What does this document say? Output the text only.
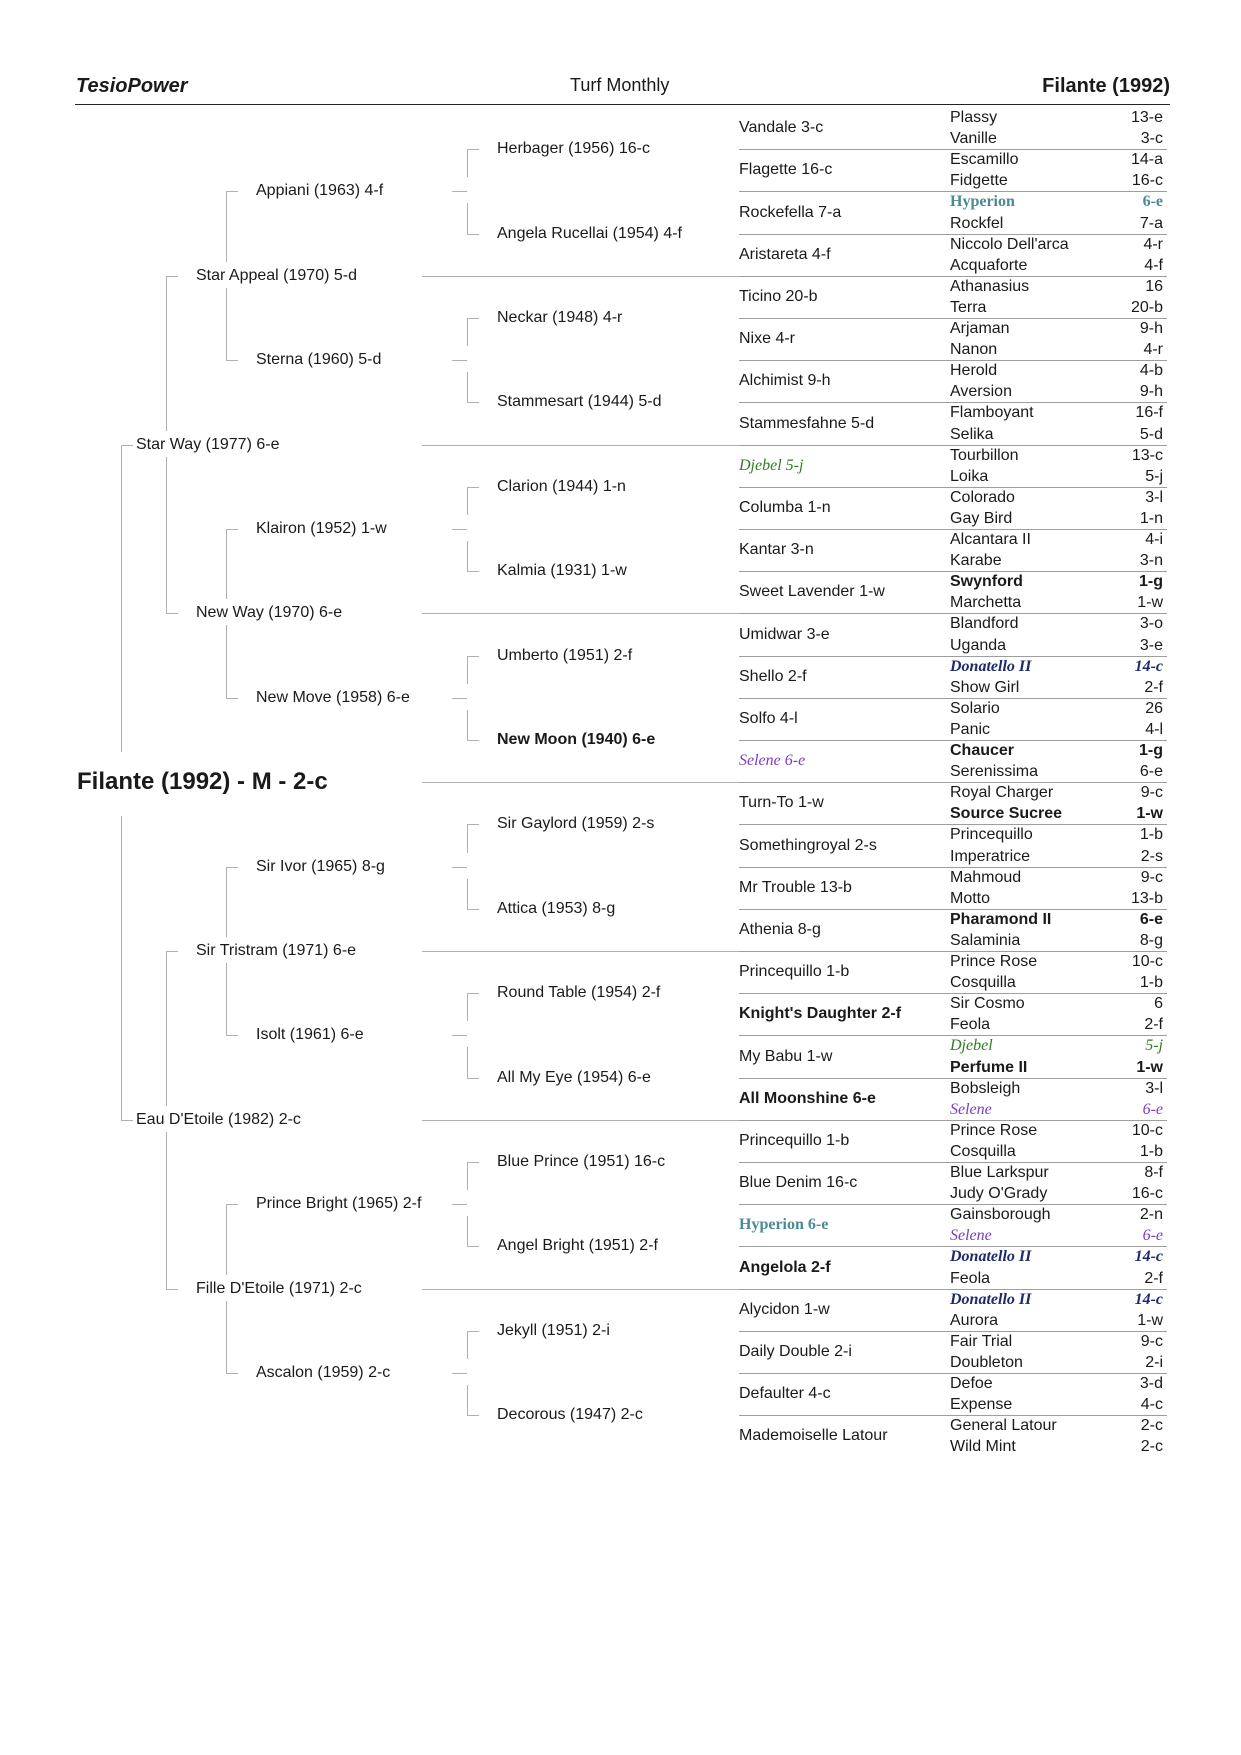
TesioPower	Turf Monthly	Filante (1992)
Filante (1992) - M - 2-c
Star Way (1977) 6-e
Eau D'Etoile (1982) 2-c
Star Appeal (1970) 5-d
New Way (1970) 6-e
Sir Tristram (1971) 6-e
Fille D'Etoile (1971) 2-c
Appiani (1963) 4-f
Sterna (1960) 5-d
Klairon (1952) 1-w
New Move (1958) 6-e
Sir Ivor (1965) 8-g
Isolt (1961) 6-e
Prince Bright (1965) 2-f
Ascalon (1959) 2-c
Herbager (1956) 16-c
Angela Rucellai (1954) 4-f
Neckar (1948) 4-r
Stammesart (1944) 5-d
Clarion (1944) 1-n
Kalmia (1931) 1-w
Umberto (1951) 2-f
New Moon (1940) 6-e
Sir Gaylord (1959) 2-s
Attica (1953) 8-g
Round Table (1954) 2-f
All My Eye (1954) 6-e
Blue Prince (1951) 16-c
Angel Bright (1951) 2-f
Jekyll (1951) 2-i
Decorous (1947) 2-c
Vandale 3-c
Flagette 16-c
Rockefella 7-a
Aristareta 4-f
Ticino 20-b
Nixe 4-r
Alchimist 9-h
Stammesfahne 5-d
Djebel 5-j
Columba 1-n
Kantar 3-n
Sweet Lavender 1-w
Umidwar 3-e
Shello 2-f
Solfo 4-l
Selene 6-e
Turn-To 1-w
Somethingroyal 2-s
Mr Trouble 13-b
Athenia 8-g
Princequillo 1-b
Knight's Daughter 2-f
My Babu 1-w
All Moonshine 6-e
Princequillo 1-b
Blue Denim 16-c
Hyperion 6-e
Angelola 2-f
Alycidon 1-w
Daily Double 2-i
Defaulter 4-c
Mademoiselle Latour
Plassy	13-e
Vanille	3-c
Escamillo	14-a
Fidgette	16-c
Hyperion	6-e
Rockfel	7-a
Niccolo Dell'arca	4-r
Acquaforte	4-f
Athanasius	16
Terra	20-b
Arjaman	9-h
Nanon	4-r
Herold	4-b
Aversion	9-h
Flamboyant	16-f
Selika	5-d
Tourbillon	13-c
Loika	5-j
Colorado	3-l
Gay Bird	1-n
Alcantara II	4-i
Karabe	3-n
Swynford	1-g
Marchetta	1-w
Blandford	3-o
Uganda	3-e
Donatello II	14-c
Show Girl	2-f
Solario	26
Panic	4-l
Chaucer	1-g
Serenissima	6-e
Royal Charger	9-c
Source Sucree	1-w
Princequillo	1-b
Imperatrice	2-s
Mahmoud	9-c
Motto	13-b
Pharamond II	6-e
Salaminia	8-g
Prince Rose	10-c
Cosquilla	1-b
Sir Cosmo	6
Feola	2-f
Djebel	5-j
Perfume II	1-w
Bobsleigh	3-l
Selene	6-e
Prince Rose	10-c
Cosquilla	1-b
Blue Larkspur	8-f
Judy O'Grady	16-c
Gainsborough	2-n
Selene	6-e
Donatello II	14-c
Feola	2-f
Donatello II	14-c
Aurora	1-w
Fair Trial	9-c
Doubleton	2-i
Defoe	3-d
Expense	4-c
General Latour	2-c
Wild Mint	2-c
